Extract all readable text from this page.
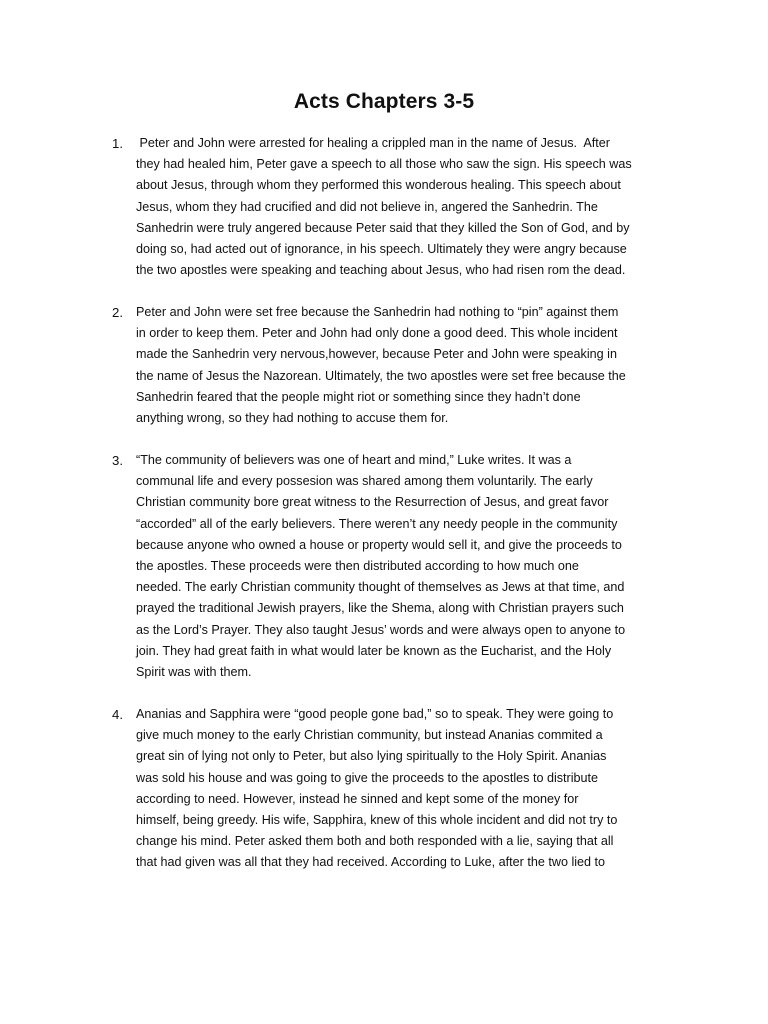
Acts Chapters 3-5
1. Peter and John were arrested for healing a crippled man in the name of Jesus.  After
they had healed him, Peter gave a speech to all those who saw the sign. His speech was
about Jesus, through whom they performed this wonderous healing. This speech about
Jesus, whom they had crucified and did not believe in, angered the Sanhedrin. The
Sanhedrin were truly angered because Peter said that they killed the Son of God, and by
doing so, had acted out of ignorance, in his speech. Ultimately they were angry because
the two apostles were speaking and teaching about Jesus, who had risen rom the dead.
2. Peter and John were set free because the Sanhedrin had nothing to “pin” against them
in order to keep them. Peter and John had only done a good deed. This whole incident
made the Sanhedrin very nervous,however, because Peter and John were speaking in
the name of Jesus the Nazorean. Ultimately, the two apostles were set free because the
Sanhedrin feared that the people might riot or something since they hadn’t done
anything wrong, so they had nothing to accuse them for.
3. “The community of believers was one of heart and mind,” Luke writes. It was a
communal life and every possesion was shared among them voluntarily. The early
Christian community bore great witness to the Resurrection of Jesus, and great favor
“accorded” all of the early believers. There weren’t any needy people in the community
because anyone who owned a house or property would sell it, and give the proceeds to
the apostles. These proceeds were then distributed according to how much one
needed. The early Christian community thought of themselves as Jews at that time, and
prayed the traditional Jewish prayers, like the Shema, along with Christian prayers such
as the Lord’s Prayer. They also taught Jesus’ words and were always open to anyone to
join. They had great faith in what would later be known as the Eucharist, and the Holy
Spirit was with them.
4. Ananias and Sapphira were “good people gone bad,” so to speak. They were going to
give much money to the early Christian community, but instead Ananias commited a
great sin of lying not only to Peter, but also lying spiritually to the Holy Spirit. Ananias
was sold his house and was going to give the proceeds to the apostles to distribute
according to need. However, instead he sinned and kept some of the money for
himself, being greedy. His wife, Sapphira, knew of this whole incident and did not try to
change his mind. Peter asked them both and both responded with a lie, saying that all
that had given was all that they had received. According to Luke, after the two lied to
